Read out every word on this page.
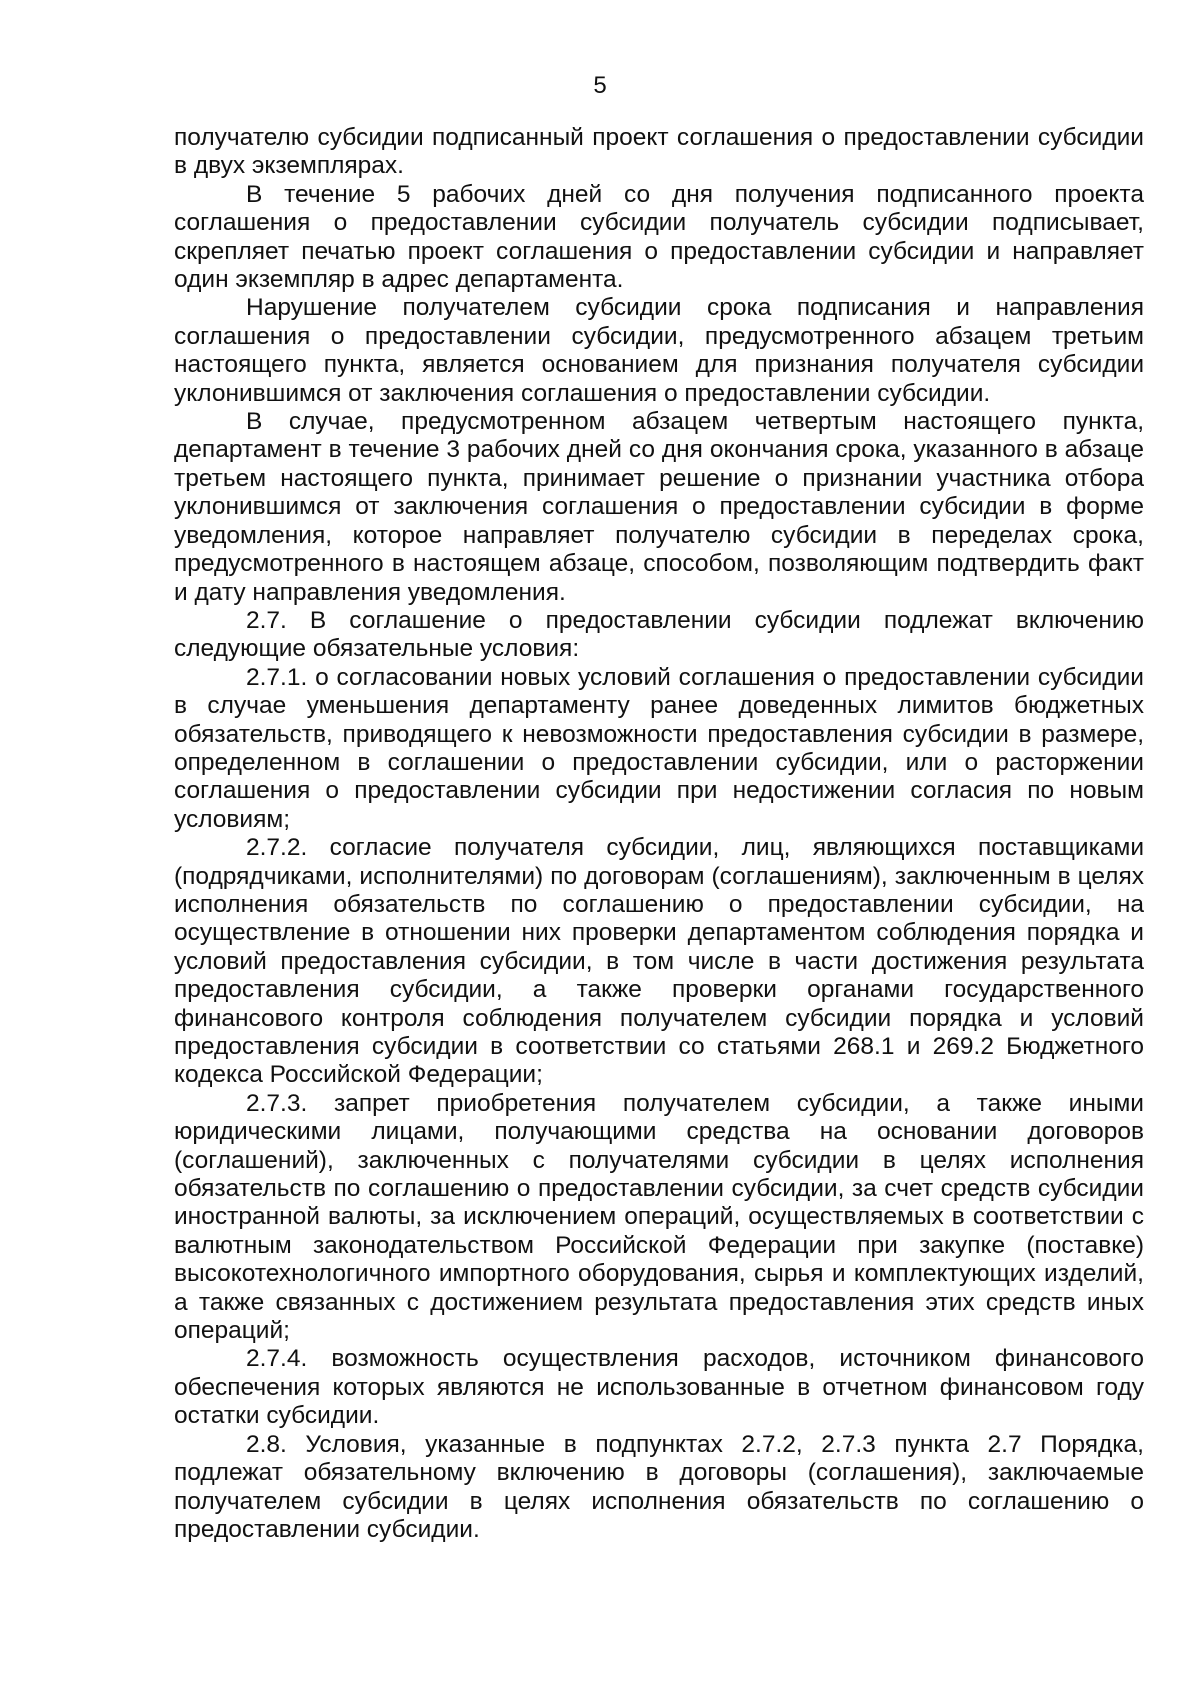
5

получателю субсидии подписанный проект соглашения о предоставлении субсидии в двух экземплярах.

В течение 5 рабочих дней со дня получения подписанного проекта соглашения о предоставлении субсидии получатель субсидии подписывает, скрепляет печатью проект соглашения о предоставлении субсидии и направляет один экземпляр в адрес департамента.

Нарушение получателем субсидии срока подписания и направления соглашения о предоставлении субсидии, предусмотренного абзацем третьим настоящего пункта, является основанием для признания получателя субсидии уклонившимся от заключения соглашения о предоставлении субсидии.

В случае, предусмотренном абзацем четвертым настоящего пункта, департамент в течение 3 рабочих дней со дня окончания срока, указанного в абзаце третьем настоящего пункта, принимает решение о признании участника отбора уклонившимся от заключения соглашения о предоставлении субсидии в форме уведомления, которое направляет получателю субсидии в переделах срока, предусмотренного в настоящем абзаце, способом, позволяющим подтвердить факт и дату направления уведомления.

2.7. В соглашение о предоставлении субсидии подлежат включению следующие обязательные условия:

2.7.1. о согласовании новых условий соглашения о предоставлении субсидии в случае уменьшения департаменту ранее доведенных лимитов бюджетных обязательств, приводящего к невозможности предоставления субсидии в размере, определенном в соглашении о предоставлении субсидии, или о расторжении соглашения о предоставлении субсидии при недостижении согласия по новым условиям;

2.7.2. согласие получателя субсидии, лиц, являющихся поставщиками (подрядчиками, исполнителями) по договорам (соглашениям), заключенным в целях исполнения обязательств по соглашению о предоставлении субсидии, на осуществление в отношении них проверки департаментом соблюдения порядка и условий предоставления субсидии, в том числе в части достижения результата предоставления субсидии, а также проверки органами государственного финансового контроля соблюдения получателем субсидии порядка и условий предоставления субсидии в соответствии со статьями 268.1 и 269.2 Бюджетного кодекса Российской Федерации;

2.7.3. запрет приобретения получателем субсидии, а также иными юридическими лицами, получающими средства на основании договоров (соглашений), заключенных с получателями субсидии в целях исполнения обязательств по соглашению о предоставлении субсидии, за счет средств субсидии иностранной валюты, за исключением операций, осуществляемых в соответствии с валютным законодательством Российской Федерации при закупке (поставке) высокотехнологичного импортного оборудования, сырья и комплектующих изделий, а также связанных с достижением результата предоставления этих средств иных операций;

2.7.4. возможность осуществления расходов, источником финансового обеспечения которых являются не использованные в отчетном финансовом году остатки субсидии.

2.8. Условия, указанные в подпунктах 2.7.2, 2.7.3 пункта 2.7 Порядка, подлежат обязательному включению в договоры (соглашения), заключаемые получателем субсидии в целях исполнения обязательств по соглашению о предоставлении субсидии.
